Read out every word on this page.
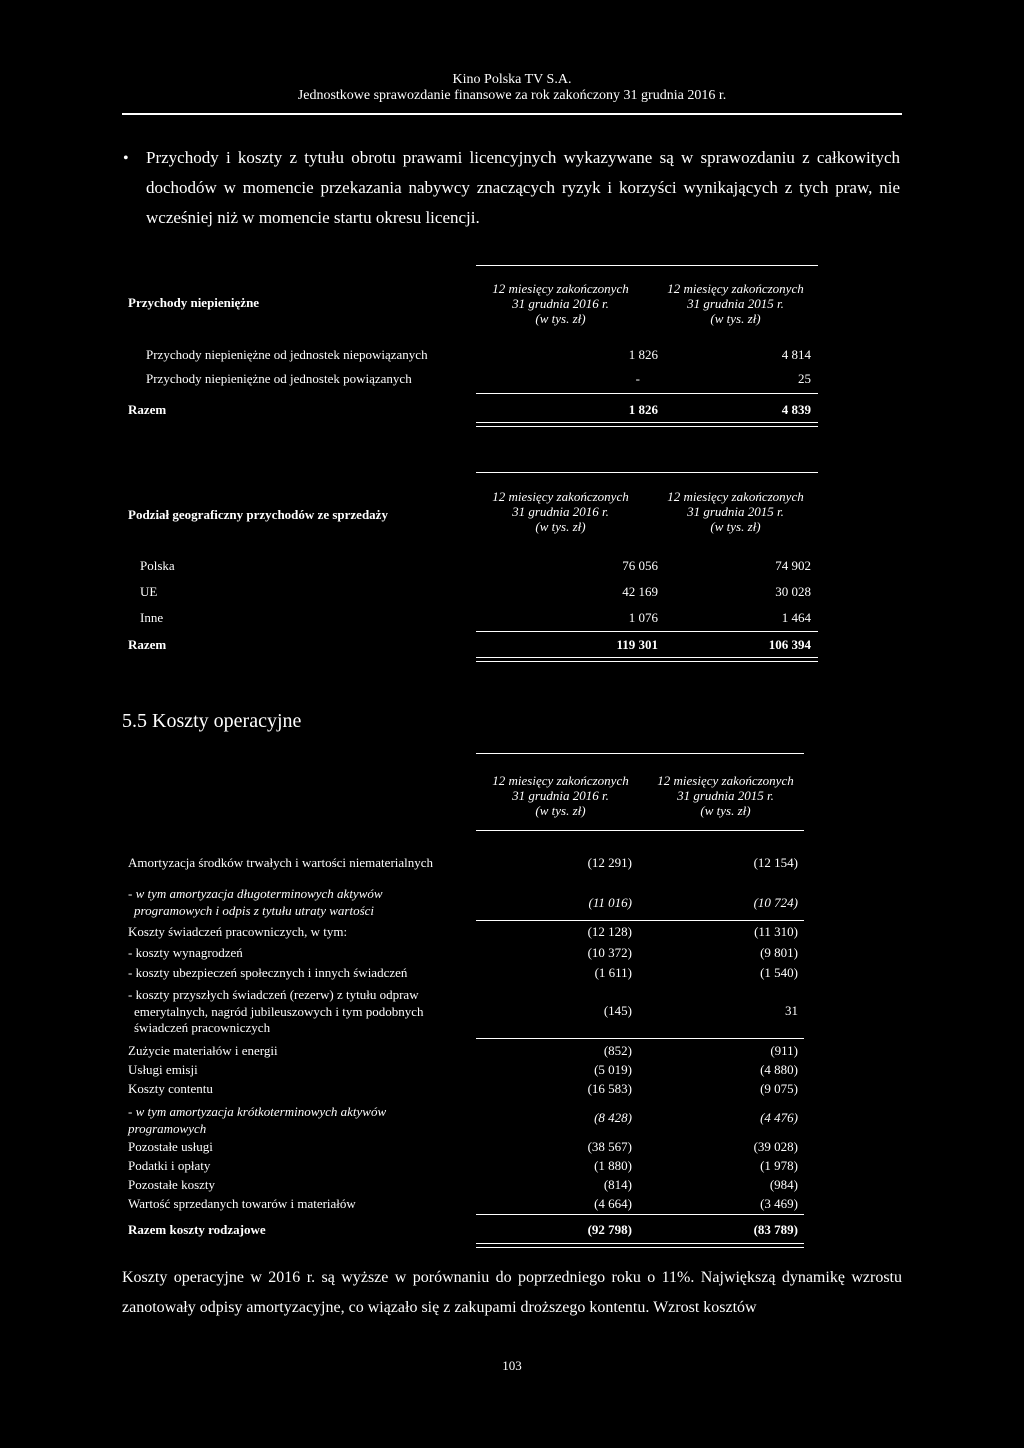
Kino Polska TV S.A.
Jednostkowe sprawozdanie finansowe za rok zakończony 31 grudnia 2016 r.
• Przychody i koszty z tytułu obrotu prawami licencyjnych wykazywane są w sprawozdaniu z całkowitych dochodów w momencie przekazania nabywcy znaczących ryzyk i korzyści wynikających z tych praw, nie wcześniej niż w momencie startu okresu licencji.
Przychody niepieniężne
12 miesięcy zakończonych
31 grudnia 2016 r.
(w tys. zł)
12 miesięcy zakończonych
31 grudnia 2015 r.
(w tys. zł)
Przychody niepieniężne od jednostek niepowiązanych	1 826	4 814
Przychody niepieniężne od jednostek powiązanych	-	25
Razem	1 826	4 839
Podział geograficzny przychodów ze sprzedaży
12 miesięcy zakończonych
31 grudnia 2016 r.
(w tys. zł)
12 miesięcy zakończonych
31 grudnia 2015 r.
(w tys. zł)
Polska	76 056	74 902
UE	42 169	30 028
Inne	1 076	1 464
Razem	119 301	106 394
5.5 Koszty operacyjne
12 miesięcy zakończonych
31 grudnia 2016 r.
(w tys. zł)
12 miesięcy zakończonych
31 grudnia 2015 r.
(w tys. zł)
Amortyzacja środków trwałych i wartości niematerialnych	(12 291)	(12 154)
- w tym amortyzacja długoterminowych aktywów
programowych i odpis z tytułu utraty wartości
(11 016)	(10 724)
Koszty świadczeń pracowniczych, w tym:	(12 128)	(11 310)
- koszty wynagrodzeń	(10 372)	(9 801)
- koszty ubezpieczeń społecznych i innych świadczeń	(1 611)	(1 540)
- koszty przyszłych świadczeń (rezerw) z tytułu odpraw
emerytalnych, nagród jubileuszowych i tym podobnych
świadczeń pracowniczych
(145)	31
Zużycie materiałów i energii	(852)	(911)
Usługi emisji	(5 019)	(4 880)
Koszty contentu	(16 583)	(9 075)
- w tym amortyzacja krótkoterminowych aktywów
programowych
(8 428)	(4 476)
Pozostałe usługi	(38 567)	(39 028)
Podatki i opłaty	(1 880)	(1 978)
Pozostałe koszty	(814)	(984)
Wartość sprzedanych towarów i materiałów	(4 664)	(3 469)
Razem koszty rodzajowe	(92 798)	(83 789)
Koszty operacyjne w 2016 r. są wyższe w porównaniu do poprzedniego roku o 11%. Największą dynamikę wzrostu zanotowały odpisy amortyzacyjne, co wiązało się z zakupami droższego kontentu. Wzrost kosztów
103
